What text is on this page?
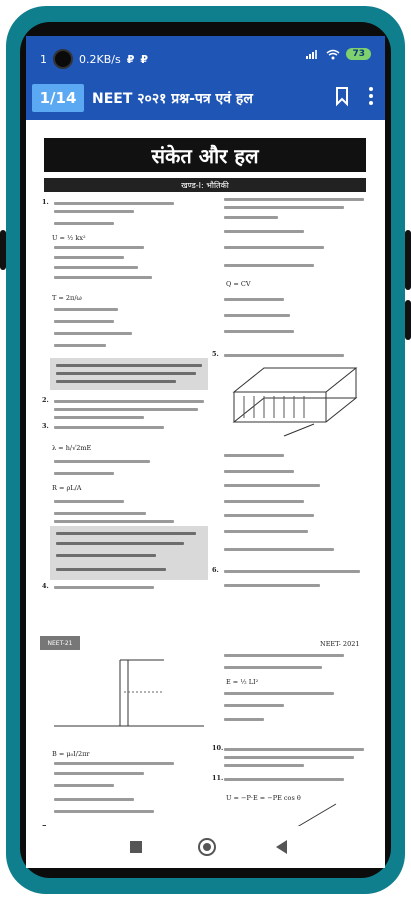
1	0.2KB/s ₽ ₽	73
1/14	NEET २०२१ प्रश्न-पत्र एवं हल
संकेत और हल
खण्ड-I: भौतिकी
1.
2.
3.
4.
5.
6.
10.
11.
U = ½ kx²
T = 2π/ω
λ = h/√2mE
R = ρL/A
Q = CV
B = μ₀I/2πr
E = ½ LI²
U = −P·E = −PE cos θ
NEET-21	NEET- 2021
